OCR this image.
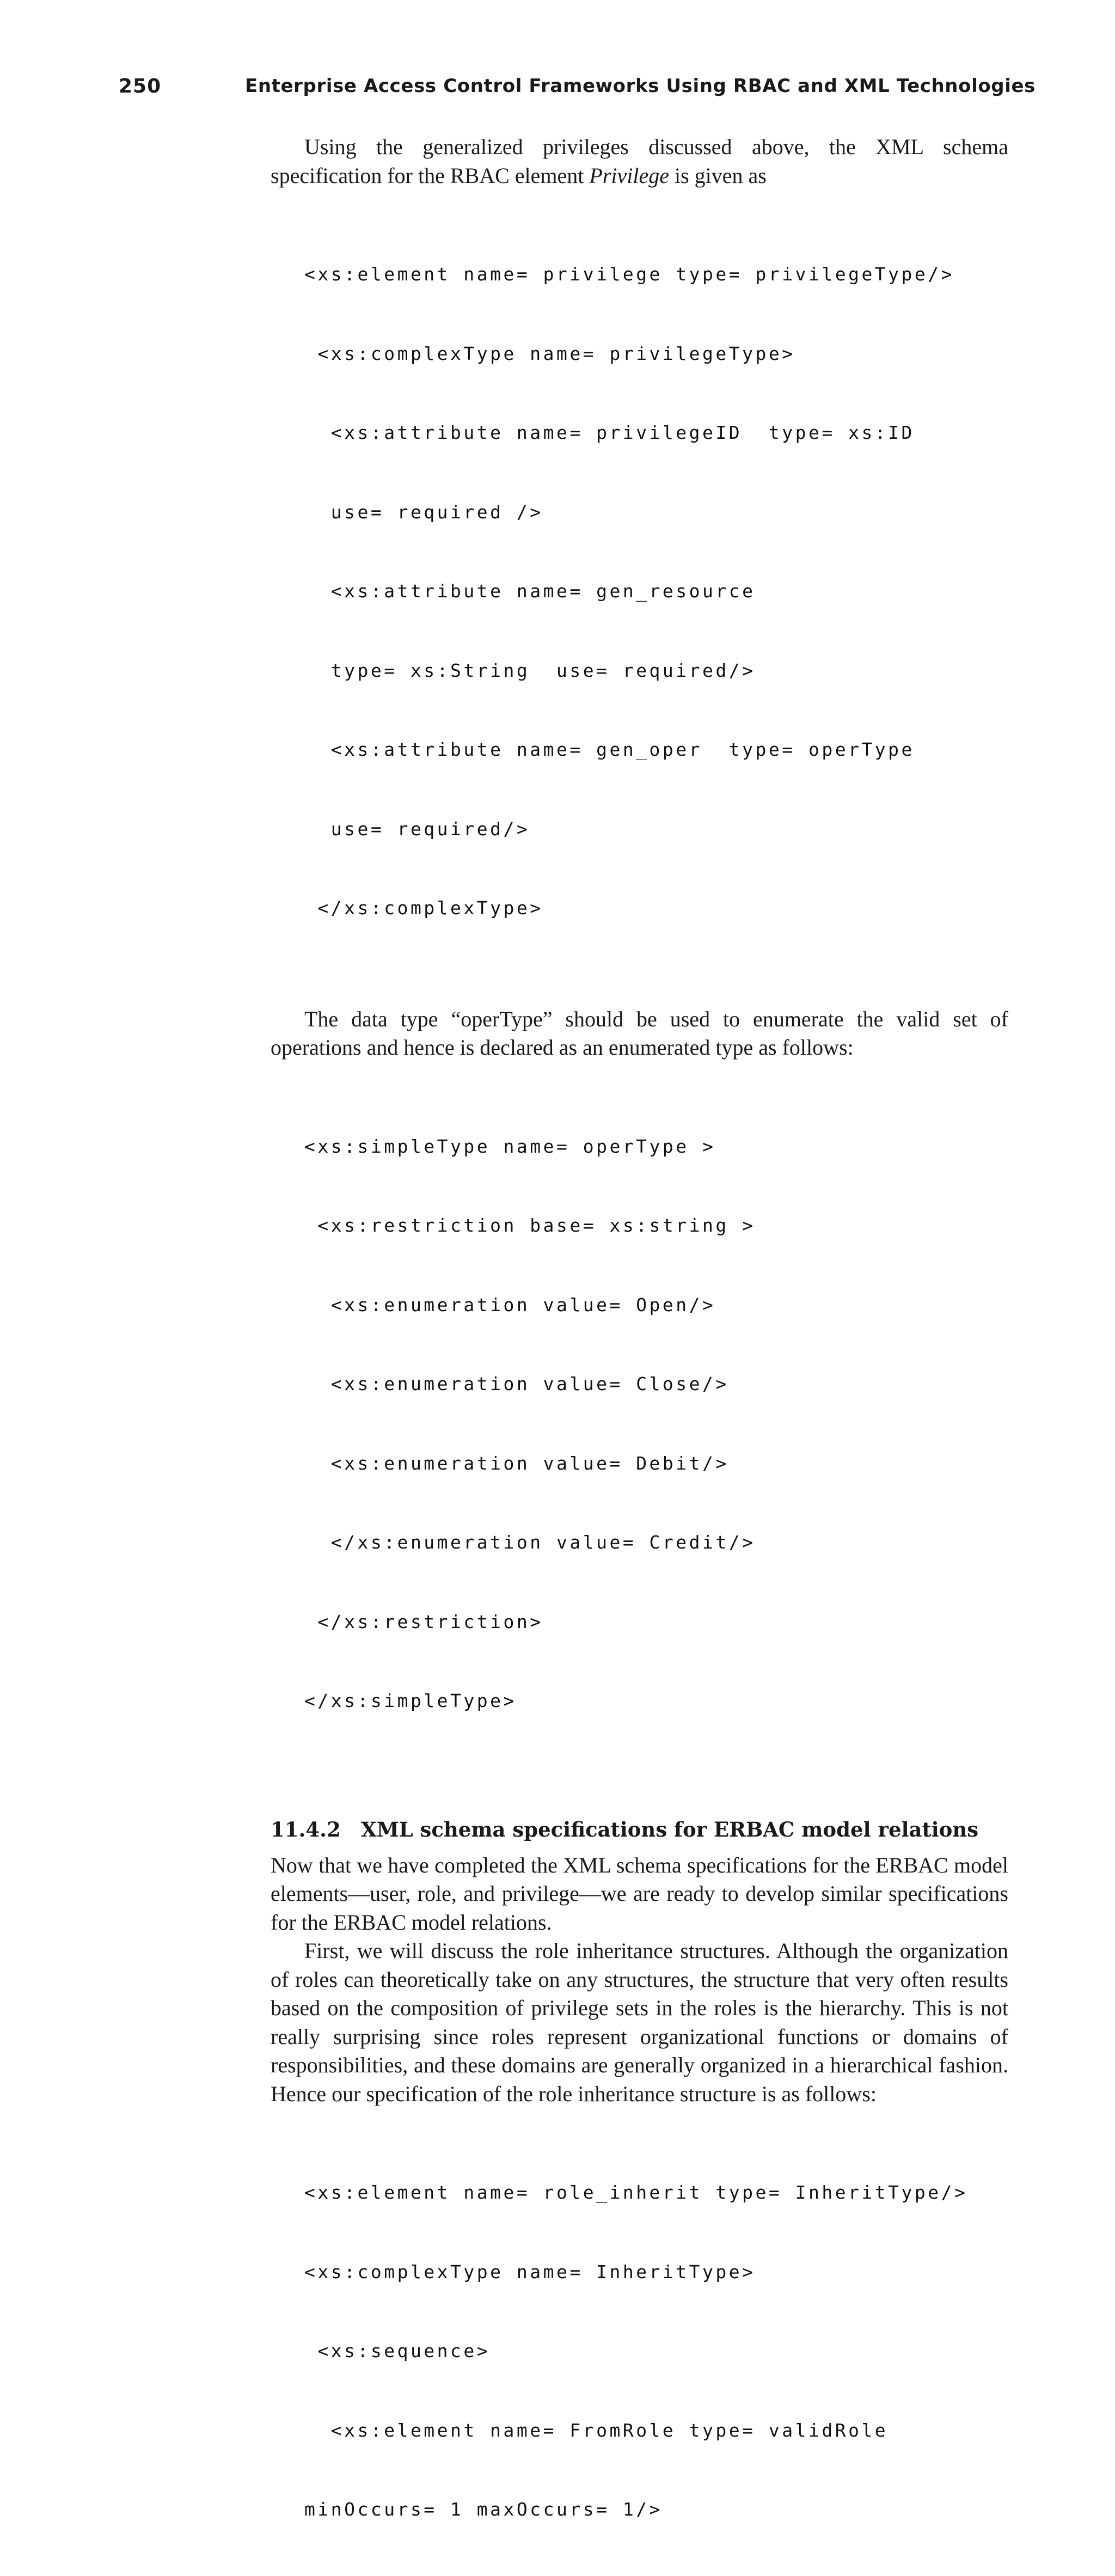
250	Enterprise Access Control Frameworks Using RBAC and XML Technologies

Using the generalized privileges discussed above, the XML schema specification for the RBAC element Privilege is given as

<xs:element name= privilege type= privilegeType/>

<xs:complexType name= privilegeType>

<xs:attribute name= privilegeID  type= xs:ID

use= required />

<xs:attribute name= gen_resource

type= xs:String  use= required/>

<xs:attribute name= gen_oper  type= operType

use= required/>

</xs:complexType>

The data type “operType” should be used to enumerate the valid set of operations and hence is declared as an enumerated type as follows:

<xs:simpleType name= operType >

<xs:restriction base= xs:string >

<xs:enumeration value= Open/>

<xs:enumeration value= Close/>

<xs:enumeration value= Debit/>

</xs:enumeration value= Credit/>

</xs:restriction>

</xs:simpleType>

11.4.2 XML schema specifications for ERBAC model relations

Now that we have completed the XML schema specifications for the ERBAC model elements—user, role, and privilege—we are ready to develop similar specifications for the ERBAC model relations.

First, we will discuss the role inheritance structures. Although the organization of roles can theoretically take on any structures, the structure that very often results based on the composition of privilege sets in the roles is the hierarchy. This is not really surprising since roles represent organizational functions or domains of responsibilities, and these domains are generally organized in a hierarchical fashion. Hence our specification of the role inheritance structure is as follows:

<xs:element name= role_inherit type= InheritType/>

<xs:complexType name= InheritType>

<xs:sequence>

<xs:element name= FromRole type= validRole

minOccurs= 1 maxOccurs= 1/>
